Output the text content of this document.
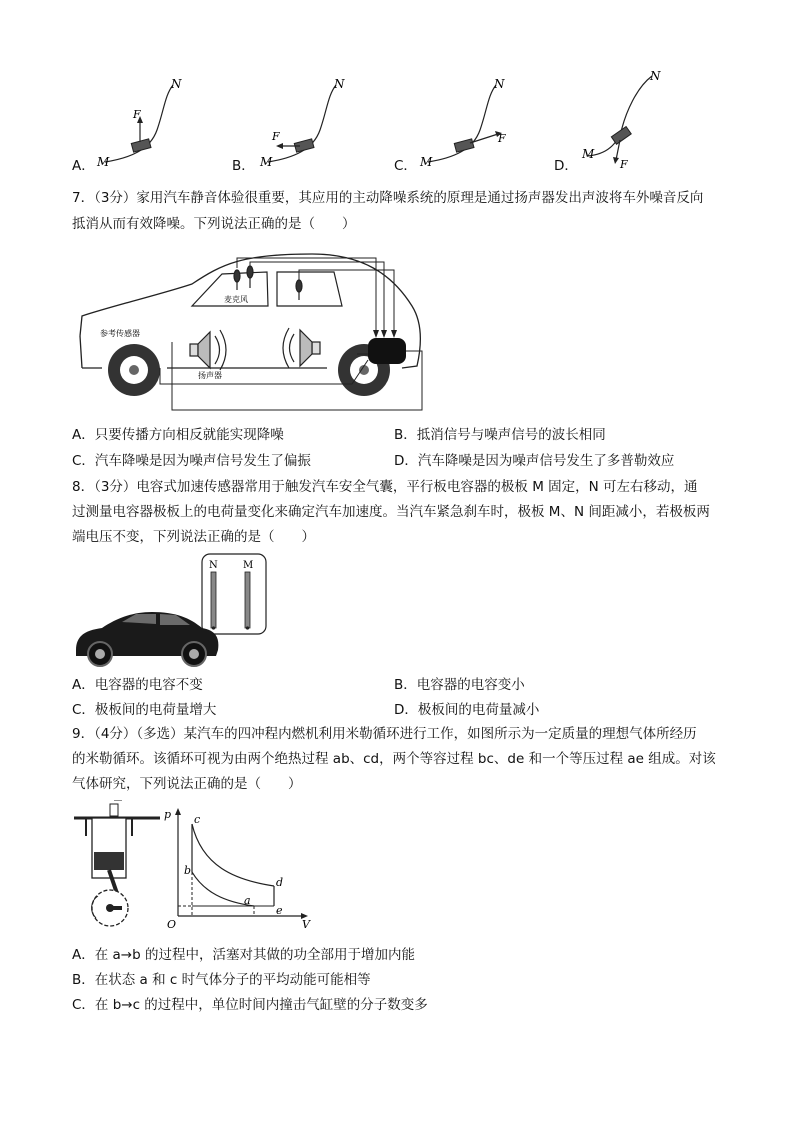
A．
F
M
N
B．
F
M
N
C．
F
M
N
D．	F
M
N
7．（3分）家用汽车静音体验很重要，其应用的主动降噪系统的原理是通过扬声器发出声波将车外噪音反向
抵消从而有效降噪。下列说法正确的是（　　）
麦克风
参考传感器
扬声器
A．只要传播方向相反就能实现降噪	B．抵消信号与噪声信号的波长相同
C．汽车降噪是因为噪声信号发生了偏振	D．汽车降噪是因为噪声信号发生了多普勒效应
8．（3分）电容式加速传感器常用于触发汽车安全气囊，平行板电容器的极板 M 固定，N 可左右移动，通
过测量电容器极板上的电荷量变化来确定汽车加速度。当汽车紧急刹车时，极板 M、N 间距减小，若极板两
端电压不变，下列说法正确的是（　　）
N	M
A．电容器的电容不变	B．电容器的电容变小
C．极板间的电荷量增大	D．极板间的电荷量减小
9．（4分）（多选）某汽车的四冲程内燃机利用米勒循环进行工作，如图所示为一定质量的理想气体所经历
的米勒循环。该循环可视为由两个绝热过程 ab、cd，两个等容过程 bc、de 和一个等压过程 ae 组成。对该
气体研究，下列说法正确的是（　　）
p
V
O
c
b
d
e
a
A．在 a→b 的过程中，活塞对其做的功全部用于增加内能
B．在状态 a 和 c 时气体分子的平均动能可能相等
C．在 b→c 的过程中，单位时间内撞击气缸壁的分子数变多
